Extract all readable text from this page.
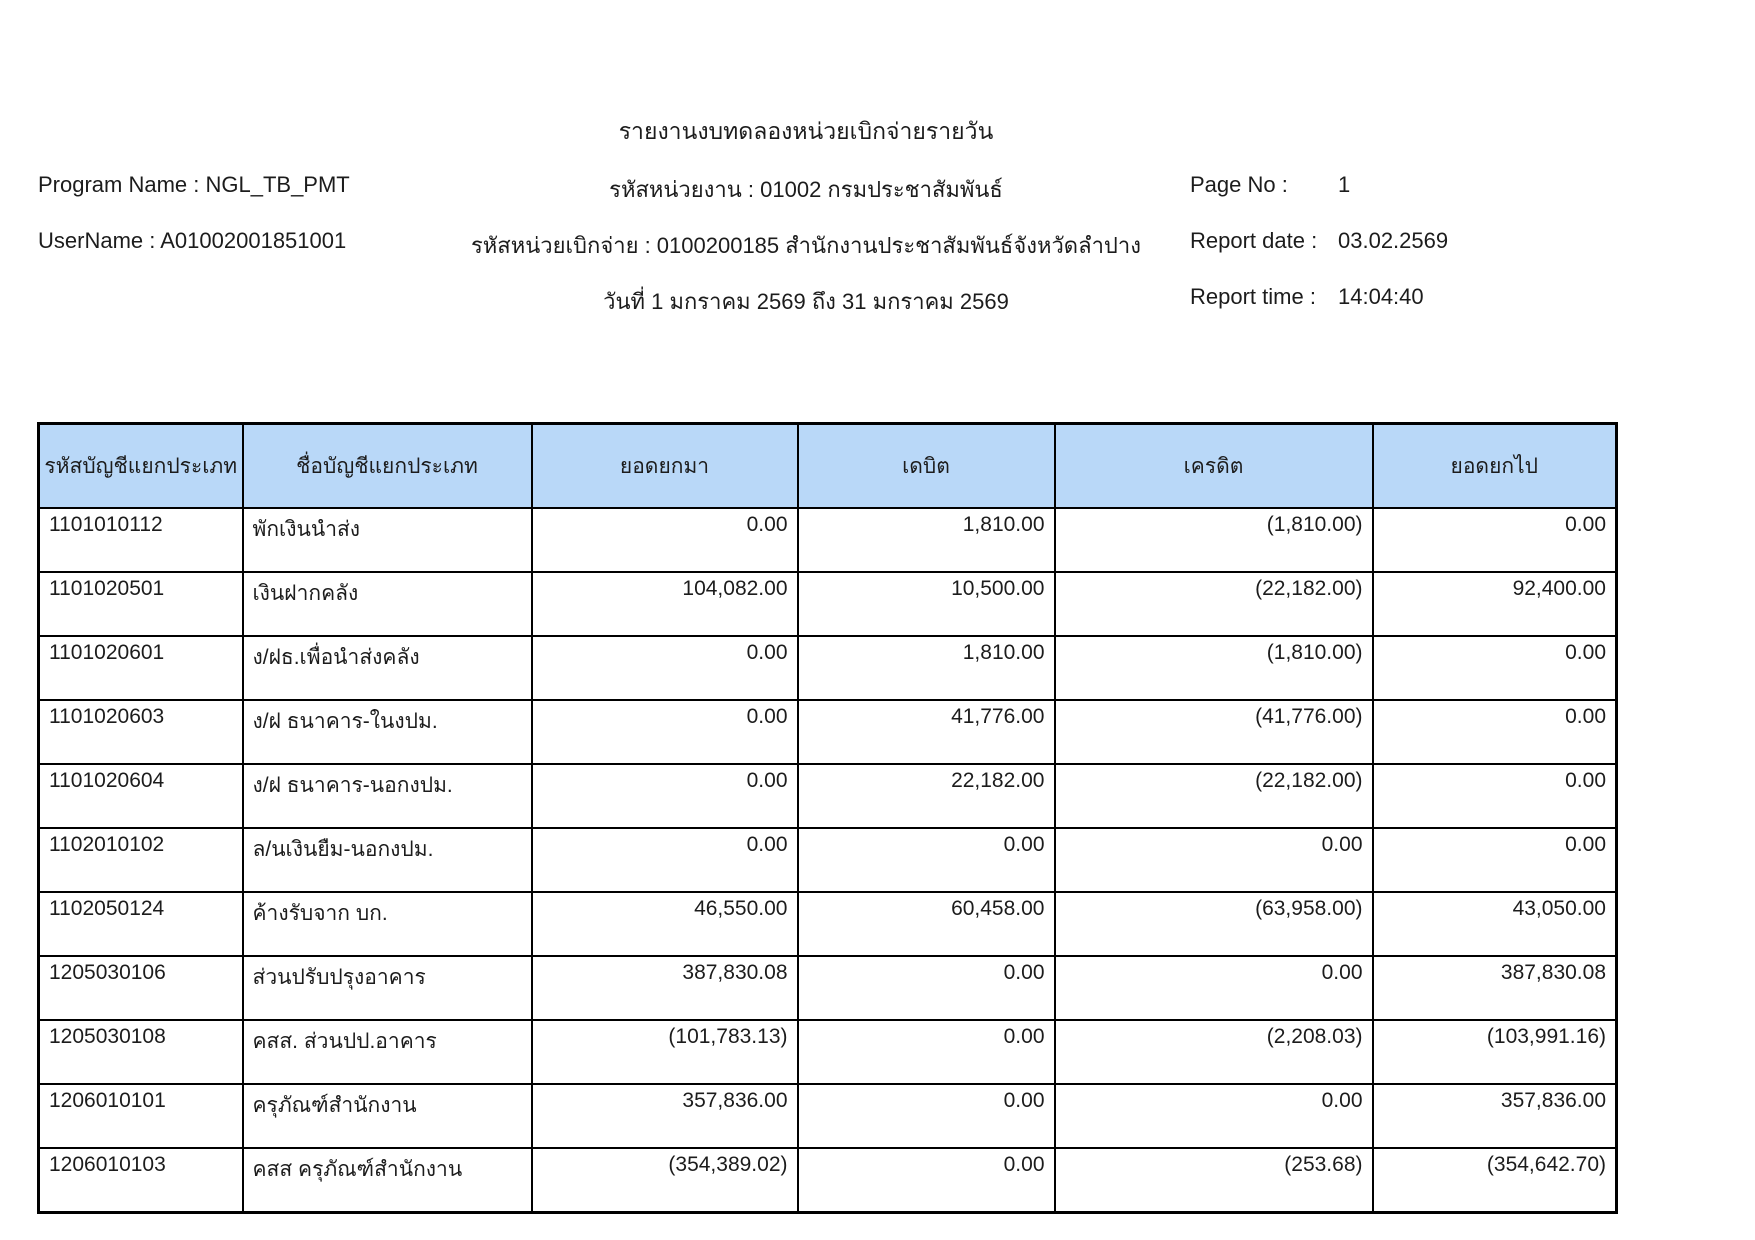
รายงานงบทดลองหน่วยเบิกจ่ายรายวัน
Program Name : NGL_TB_PMT	รหัสหน่วยงาน : 01002 กรมประชาสัมพันธ์	Page No : 1
UserName : A01002001851001	รหัสหน่วยเบิกจ่าย : 0100200185 สำนักงานประชาสัมพันธ์จังหวัดลำปาง	Report date : 03.02.2569
วันที่ 1 มกราคม 2569 ถึง 31 มกราคม 2569	Report time : 14:04:40
รหัสบัญชีแยกประเภท	ชื่อบัญชีแยกประเภท	ยอดยกมา	เดบิต	เครดิต	ยอดยกไป
1101010112	พักเงินนำส่ง	0.00	1,810.00	(1,810.00)	0.00
1101020501	เงินฝากคลัง	104,082.00	10,500.00	(22,182.00)	92,400.00
1101020601	ง/ฝธ.เพื่อนำส่งคลัง	0.00	1,810.00	(1,810.00)	0.00
1101020603	ง/ฝ ธนาคาร-ในงปม.	0.00	41,776.00	(41,776.00)	0.00
1101020604	ง/ฝ ธนาคาร-นอกงปม.	0.00	22,182.00	(22,182.00)	0.00
1102010102	ล/นเงินยืม-นอกงปม.	0.00	0.00	0.00	0.00
1102050124	ค้างรับจาก บก.	46,550.00	60,458.00	(63,958.00)	43,050.00
1205030106	ส่วนปรับปรุงอาคาร	387,830.08	0.00	0.00	387,830.08
1205030108	คสส. ส่วนปป.อาคาร	(101,783.13)	0.00	(2,208.03)	(103,991.16)
1206010101	ครุภัณฑ์สำนักงาน	357,836.00	0.00	0.00	357,836.00
1206010103	คสส ครุภัณฑ์สำนักงาน	(354,389.02)	0.00	(253.68)	(354,642.70)
